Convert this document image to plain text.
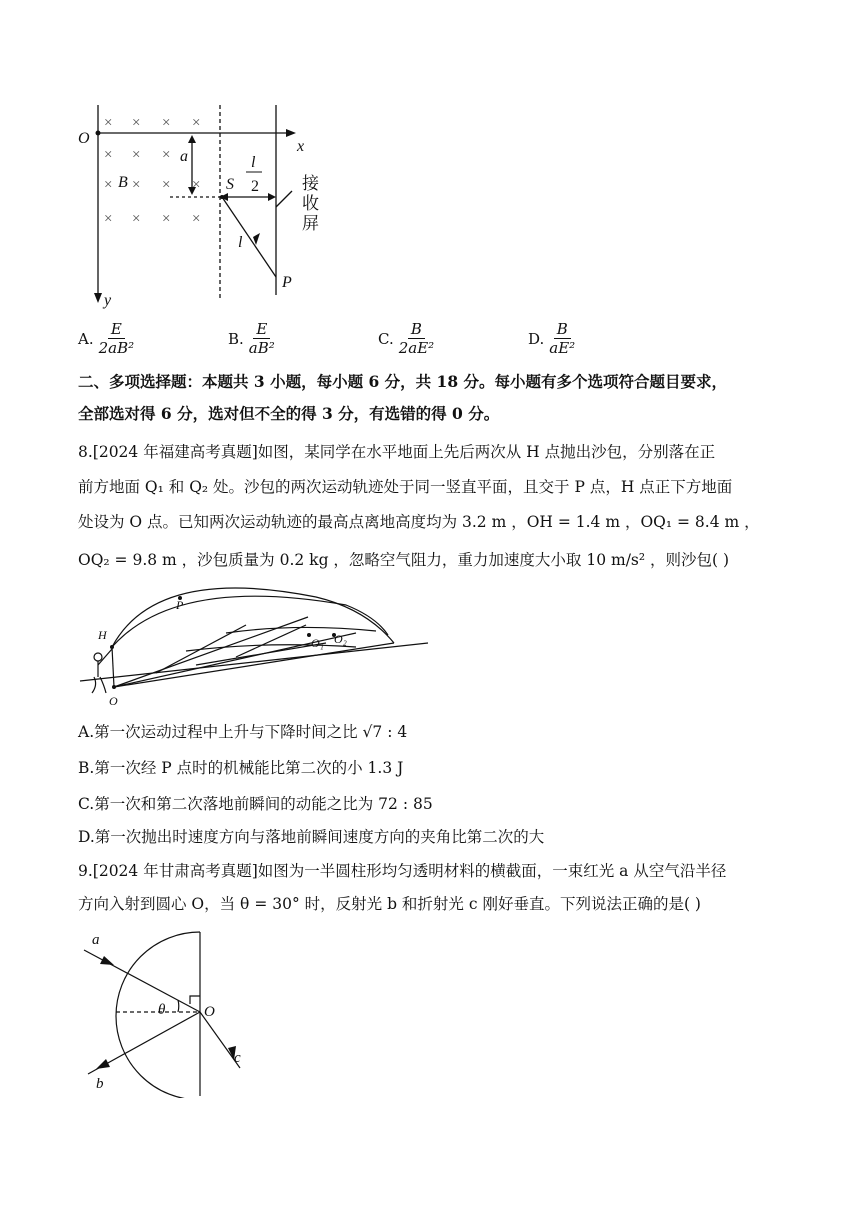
× × × ×
× × ×
× × × ×
× × × ×
O	x
y
a
B	S
l
2
l
P
接
收
屏
A. $\frac{E}{\text{2aB²}}$	B. $\frac{E}{\text{aB²}}$	C. $\frac{B}{\text{2aE²}}$	D. $\frac{B}{\text{aE²}}$
二、多项选择题：本题共 3 小题，每小题 6 分，共 18 分。每小题有多个选项符合题目要求，
全部选对得 6 分，选对但不全的得 3 分，有选错的得 0 分。
8.[2024 年福建高考真题]如图，某同学在水平地面上先后两次从 H 点抛出沙包，分别落在正
前方地面 Q₁ 和 Q₂ 处。沙包的两次运动轨迹处于同一竖直平面，且交于 P 点，H 点正下方地面
处设为 O 点。已知两次运动轨迹的最高点离地高度均为 3.2 m ，OH = 1.4 m ，OQ₁ = 8.4 m ，
OQ₂ = 9.8 m ，沙包质量为 0.2 kg ，忽略空气阻力，重力加速度大小取 10 m/s² ，则沙包( )
P
H
O
O₁ O₂
A.第一次运动过程中上升与下降时间之比 √7 : 4
B.第一次经 P 点时的机械能比第二次的小 1.3 J
C.第一次和第二次落地前瞬间的动能之比为 72 : 85
D.第一次抛出时速度方向与落地前瞬间速度方向的夹角比第二次的大
9.[2024 年甘肃高考真题]如图为一半圆柱形均匀透明材料的横截面，一束红光 a 从空气沿半径
方向入射到圆心 O，当 θ = 30° 时，反射光 b 和折射光 c 刚好垂直。下列说法正确的是( )
a
b
c
O
θ
